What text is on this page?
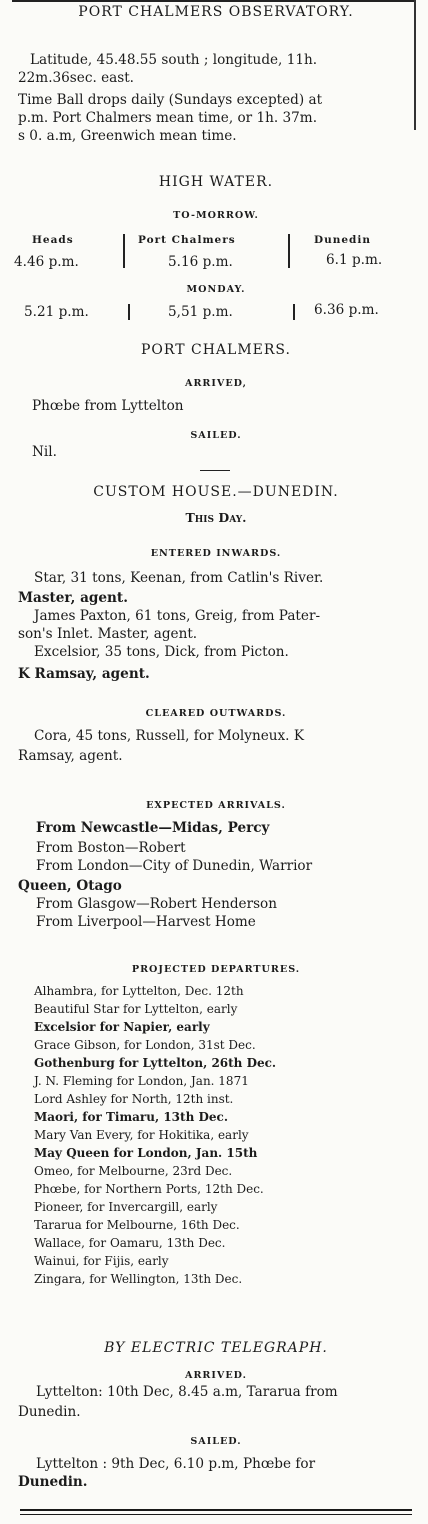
PORT CHALMERS OBSERVATORY.
Latitude, 45.48.55 south ; longitude, 11h.
22m.36sec. east.
Time Ball drops daily (Sundays excepted) at
p.m. Port Chalmers mean time, or 1h. 37m.
s 0. a.m, Greenwich mean time.
HIGH WATER.
TO-MORROW.
Heads	Port Chalmers	Dunedin
4.46 p.m.	5.16 p.m.	6.1 p.m.
MONDAY.
5.21 p.m.	5,51 p.m.	6.36 p.m.
PORT CHALMERS.
ARRIVED,
Phœbe from Lyttelton
SAILED.
Nil.
CUSTOM HOUSE.—DUNEDIN.
This Day.
ENTERED INWARDS.
Star, 31 tons, Keenan, from Catlin's River.
Master, agent.
James Paxton, 61 tons, Greig, from Pater-
son's Inlet. Master, agent.
Excelsior, 35 tons, Dick, from Picton.
K Ramsay, agent.
CLEARED OUTWARDS.
Cora, 45 tons, Russell, for Molyneux. K
Ramsay, agent.
EXPECTED ARRIVALS.
From Newcastle—Midas, Percy
From Boston—Robert
From London—City of Dunedin, Warrior
Queen, Otago
From Glasgow—Robert Henderson
From Liverpool—Harvest Home
PROJECTED DEPARTURES.
Alhambra, for Lyttelton, Dec. 12th
Beautiful Star for Lyttelton, early
Excelsior for Napier, early
Grace Gibson, for London, 31st Dec.
Gothenburg for Lyttelton, 26th Dec.
J. N. Fleming for London, Jan. 1871
Lord Ashley for North, 12th inst.
Maori, for Timaru, 13th Dec.
Mary Van Every, for Hokitika, early
May Queen for London, Jan. 15th
Omeo, for Melbourne, 23rd Dec.
Phœbe, for Northern Ports, 12th Dec.
Pioneer, for Invercargill, early
Tararua for Melbourne, 16th Dec.
Wallace, for Oamaru, 13th Dec.
Wainui, for Fijis, early
Zingara, for Wellington, 13th Dec.
BY ELECTRIC TELEGRAPH.
ARRIVED.
Lyttelton: 10th Dec, 8.45 a.m, Tararua from
Dunedin.
SAILED.
Lyttelton : 9th Dec, 6.10 p.m, Phœbe for
Dunedin.
